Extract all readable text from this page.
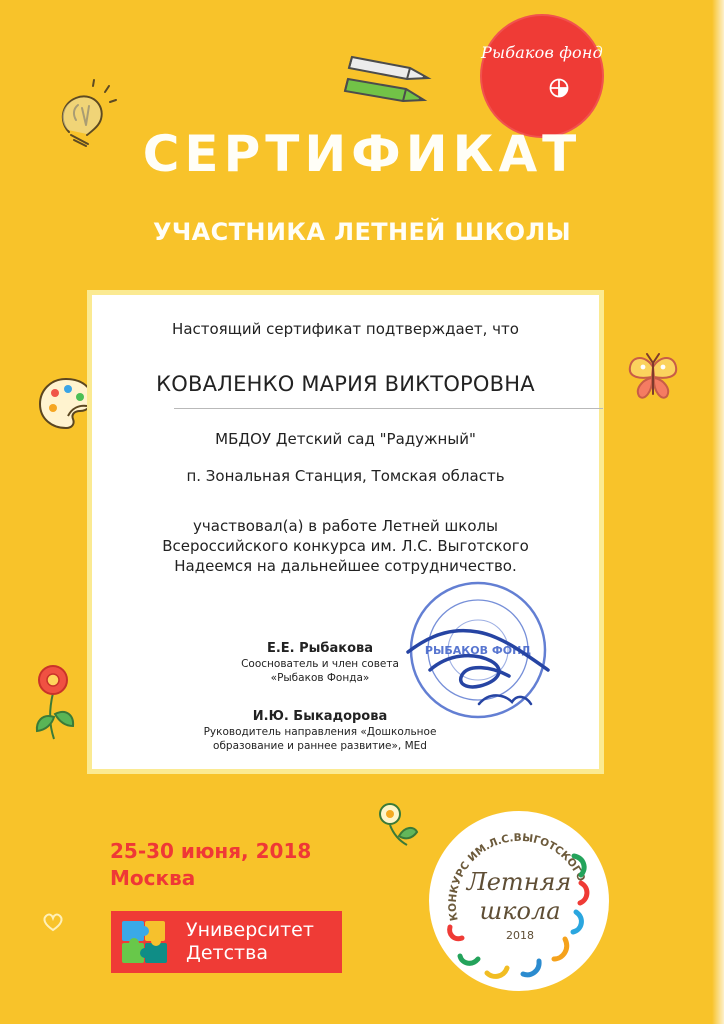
Рыбаков фонд
СЕРТИФИКАТ
УЧАСТНИКА ЛЕТНЕЙ ШКОЛЫ
Настоящий сертификат подтверждает, что
КОВАЛЕНКО МАРИЯ ВИКТОРОВНА
МБДОУ Детский сад "Радужный"
п. Зональная Станция, Томская область
участвовал(а) в работе Летней школы
Всероссийского конкурса им. Л.С. Выготского
Надеемся на дальнейшее сотрудничество.
РЫБАКОВ ФОНД
Е.Е. Рыбакова
Сооснователь и член совета
«Рыбаков Фонда»
И.Ю. Быкадорова
Руководитель направления «Дошкольное
образование и раннее развитие», MEd
25-30 июня, 2018
Москва
Университет
Детства
КОНКУРС ИМ.Л.С.ВЫГОТСКОГО
Летняя
школа
2018
